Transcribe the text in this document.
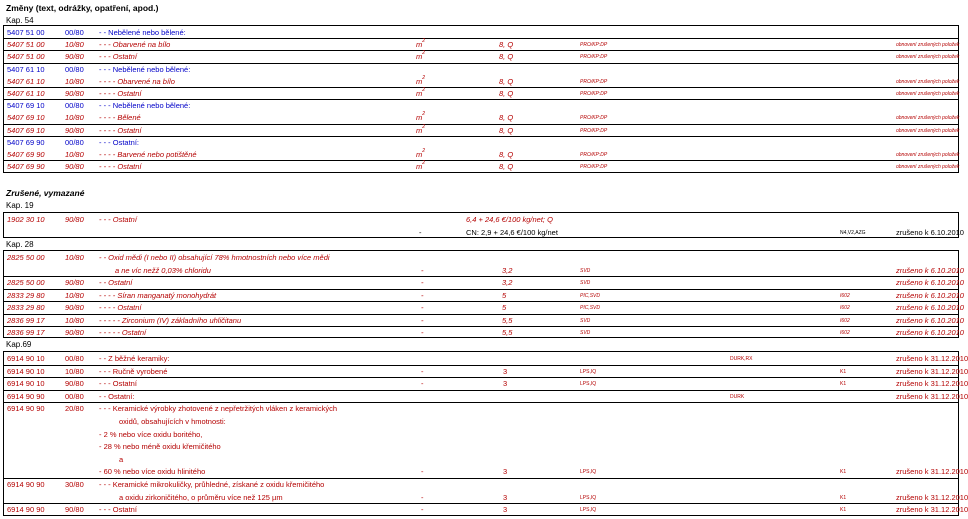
Změny (text, odrážky, opatření, apod.)
Kap. 54
5407 51 00	00/80 - - Nebělené nebo bělené:
5407 51 00	10/80 - - - Obarvené na bílo	$m^2$	8, Q	PRO/KP:DP	obnovení zrušených položek
5407 51 00	90/80 - - - Ostatní	$m^2$	8, Q	PRO/KP:DP	obnovení zrušených položek
5407 61 10	00/80 - - - Nebělené nebo bělené:
5407 61 10	10/80 - - - - Obarvené na bílo	$m^2$	8, Q	PRO/KP:DP	obnovení zrušených položek
5407 61 10	90/80 - - - - Ostatní	$m^2$	8, Q	PRO/KP:DP	obnovení zrušených položek
5407 69 10	00/80 - - - Nebělené nebo bělené:
5407 69 10	10/80 - - - - Bělené	$m^2$	8, Q	PRO/KP:DP	obnovení zrušených položek
5407 69 10	90/80 - - - - Ostatní	$m^2$	8, Q	PRO/KP:DP	obnovení zrušených položek
5407 69 90	00/80 - - - Ostatní:
5407 69 90	10/80 - - - - Barvené nebo potištěné	$m^2$	8, Q	PRO/KP:DP	obnovení zrušených položek
5407 69 90	90/80 - - - - Ostatní	$m^2$	8, Q	PRO/KP:DP	obnovení zrušených položek
Zrušené, vymazané
Kap. 19
1902 30 10	90/80 - - - Ostatní	6,4 + 24,6 €/100 kg/net; Q
-	CN: 2,9 + 24,6 €/100 kg/net	N4,V2,AZG	zrušeno k 6.10.2010
Kap. 28
2825 50 00	10/80 - - Oxid mědi (I nebo II) obsahující 78% hmotnostních nebo více mědi
a ne víc nežž 0,03% chloridu	-	3,2	SVD	zrušeno k 6.10.2010
2825 50 00	90/80 - - Ostatní	-	3,2	SVD	zrušeno k 6.10.2010
2833 29 80	10/80 - - - - Síran manganatý monohydrát	-	5	PIC,SVD	I602	zrušeno k 6.10.2010
2833 29 80	90/80 - - - - Ostatní	-	5	PIC,SVD	I602	zrušeno k 6.10.2010
2836 99 17	10/80 - - - - - Zirconium (IV) základního uhličitanu	-	5,5	SVD	I602	zrušeno k 6.10.2010
2836 99 17	90/80 - - - - - Ostatní	-	5,5	SVD	I602	zrušeno k 6.10.2010
Kap.69
6914 90 10	00/80 - - Z běžné keramiky:	DURK,RX	zrušeno k 31.12.2010
6914 90 10	10/80 - - - Ručně vyrobené	-	3	LPS,IQ	K1	zrušeno k 31.12.2010
6914 90 10	90/80 - - - Ostatní	-	3	LPS,IQ	K1	zrušeno k 31.12.2010
6914 90 90	00/80 - - Ostatní:	DURK	zrušeno k 31.12.2010
6914 90 90	20/80 - - - Keramické výrobky zhotovené z nepřetržitých vláken z keramických
oxidů, obsahujících v hmotnosti:
- 2 % nebo více oxidu boritého,
- 28 % nebo méně oxidu křemičitého
a
- 60 % nebo více oxidu hlinitého	-	3	LPS,IQ	K1	zrušeno k 31.12.2010
6914 90 90	30/80 - - - Keramické mikrokuličky, průhledné, získané z oxidu křemičitého
a oxidu zirkoničitého, o průměru více než 125 µm	-	3	LPS,IQ	K1	zrušeno k 31.12.2010
6914 90 90	90/80 - - - Ostatní	-	3	LPS,IQ	K1	zrušeno k 31.12.2010
